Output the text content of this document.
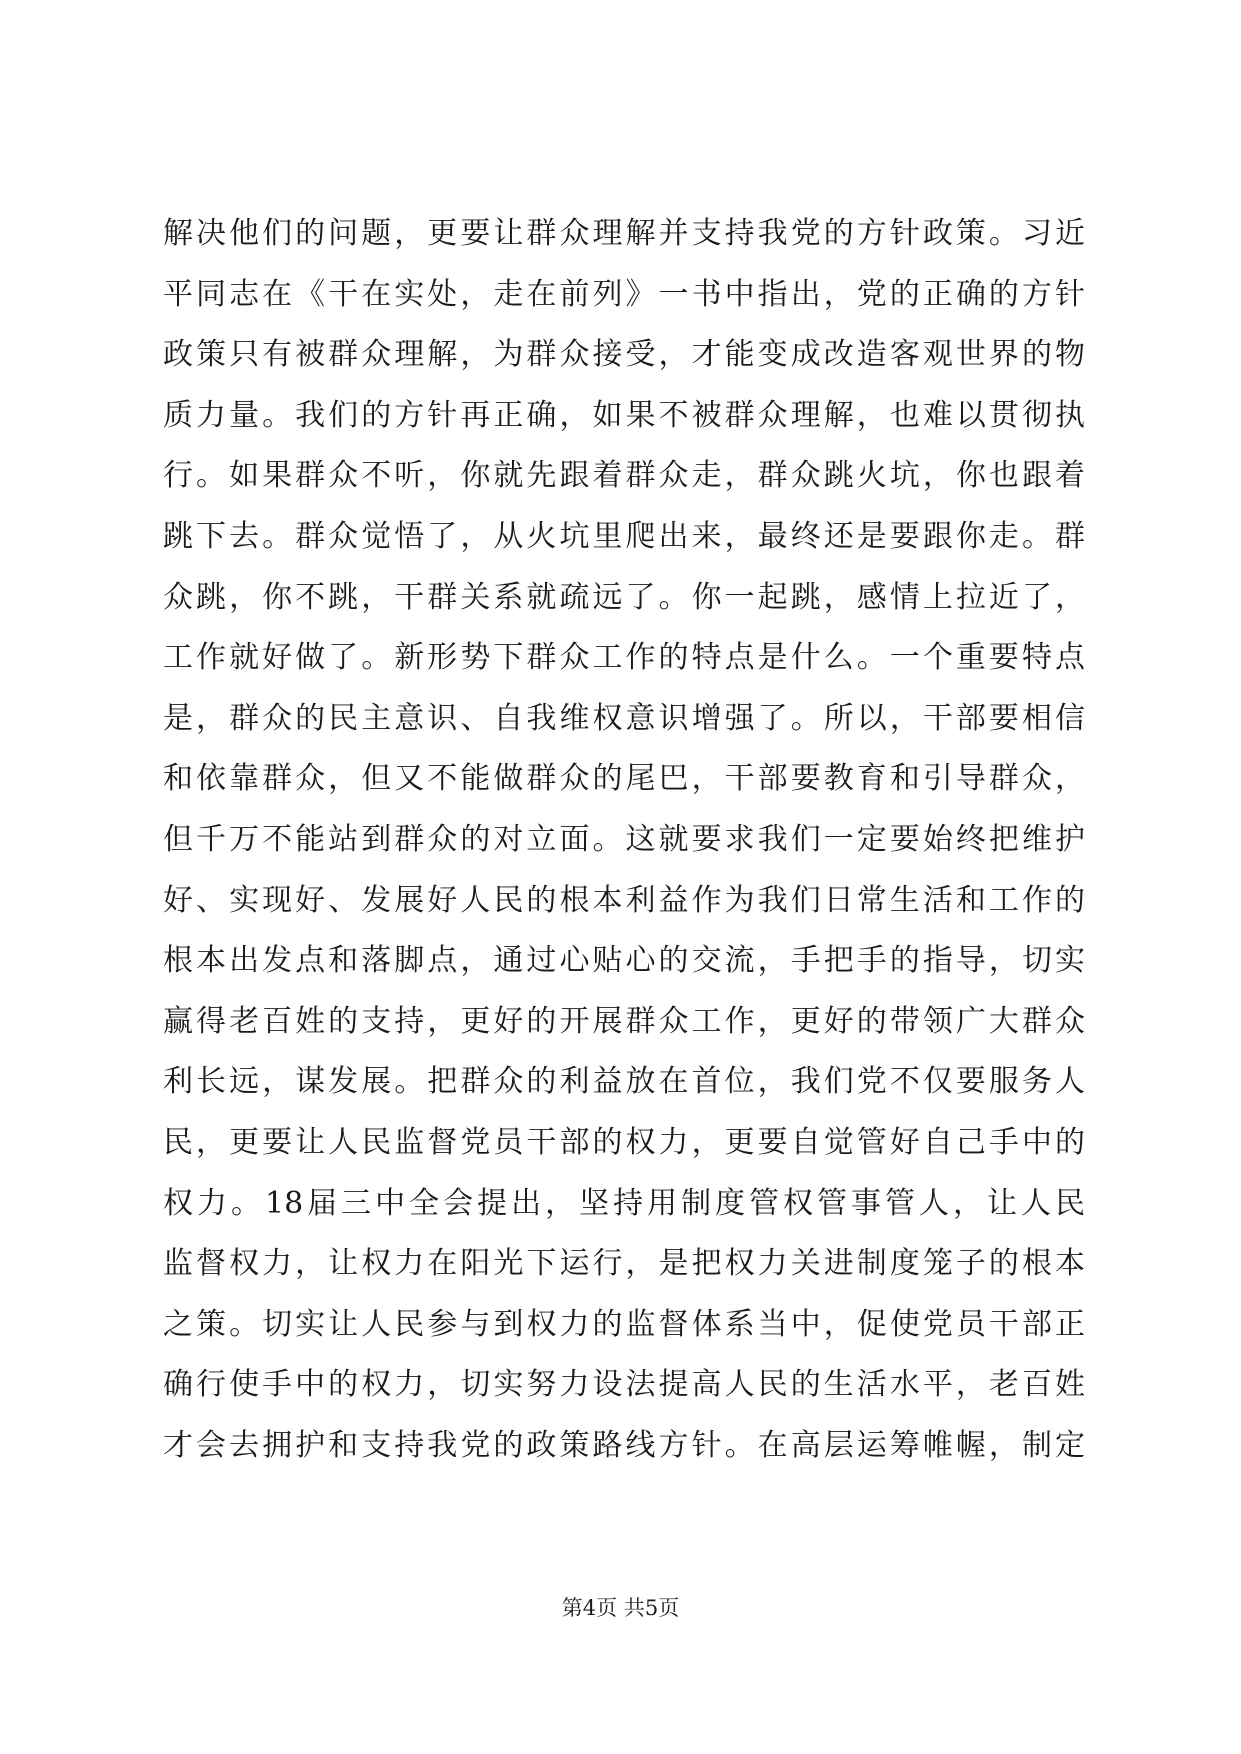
解决他们的问题，更要让群众理解并支持我党的方针政策。习近
平同志在《干在实处，走在前列》一书中指出，党的正确的方针
政策只有被群众理解，为群众接受，才能变成改造客观世界的物
质力量。我们的方针再正确，如果不被群众理解，也难以贯彻执
行。如果群众不听，你就先跟着群众走，群众跳火坑，你也跟着
跳下去。群众觉悟了，从火坑里爬出来，最终还是要跟你走。群
众跳，你不跳，干群关系就疏远了。你一起跳，感情上拉近了，
工作就好做了。新形势下群众工作的特点是什么。一个重要特点
是，群众的民主意识、自我维权意识增强了。所以，干部要相信
和依靠群众，但又不能做群众的尾巴，干部要教育和引导群众，
但千万不能站到群众的对立面。这就要求我们一定要始终把维护
好、实现好、发展好人民的根本利益作为我们日常生活和工作的
根本出发点和落脚点，通过心贴心的交流，手把手的指导，切实
赢得老百姓的支持，更好的开展群众工作，更好的带领广大群众
利长远，谋发展。把群众的利益放在首位，我们党不仅要服务人
民，更要让人民监督党员干部的权力，更要自觉管好自己手中的
权力。18届三中全会提出，坚持用制度管权管事管人，让人民
监督权力，让权力在阳光下运行，是把权力关进制度笼子的根本
之策。切实让人民参与到权力的监督体系当中，促使党员干部正
确行使手中的权力，切实努力设法提高人民的生活水平，老百姓
才会去拥护和支持我党的政策路线方针。在高层运筹帷幄，制定
第4页 共5页
